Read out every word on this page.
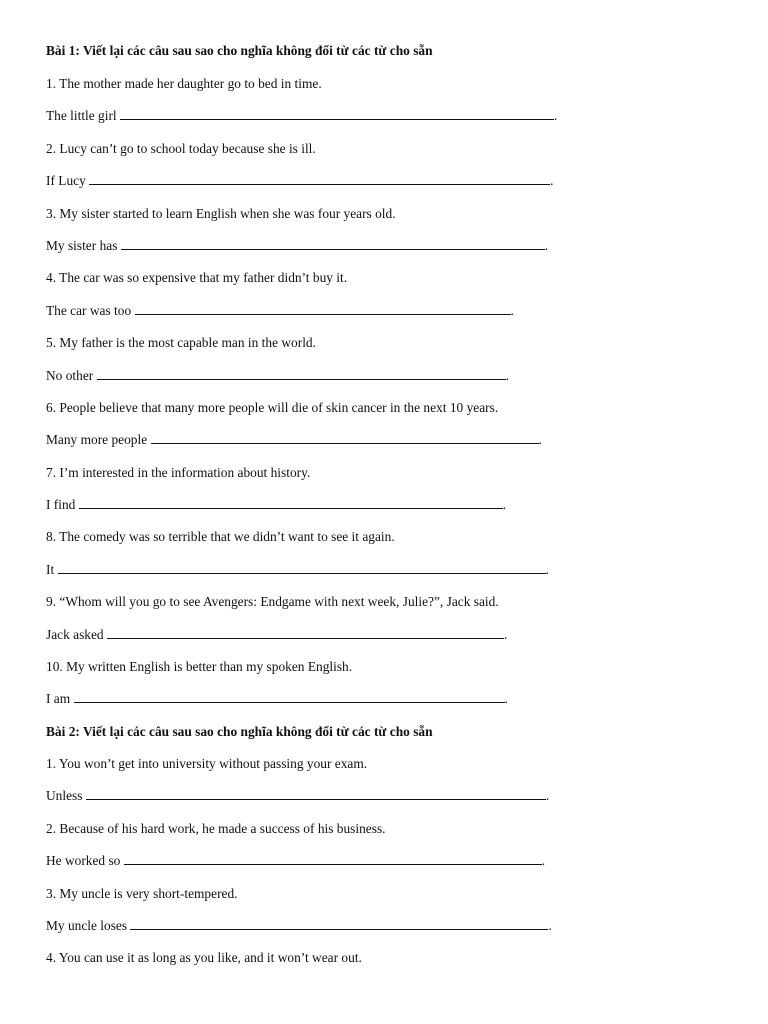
Bài 1: Viết lại các câu sau sao cho nghĩa không đổi từ các từ cho sẵn
1. The mother made her daughter go to bed in time.
The little girl	.
2. Lucy can’t go to school today because she is ill.
If Lucy	.
3. My sister started to learn English when she was four years old.
My sister has	.
4. The car was so expensive that my father didn’t buy it.
The car was too	.
5. My father is the most capable man in the world.
No other	.
6. People believe that many more people will die of skin cancer in the next 10 years.
Many more people	.
7. I’m interested in the information about history.
I find	.
8. The comedy was so terrible that we didn’t want to see it again.
It	.
9. “Whom will you go to see Avengers: Endgame with next week, Julie?”, Jack said.
Jack asked	.
10. My written English is better than my spoken English.
I am	.
Bài 2: Viết lại các câu sau sao cho nghĩa không đổi từ các từ cho sẵn
1. You won’t get into university without passing your exam.
Unless	.
2. Because of his hard work, he made a success of his business.
He worked so	.
3. My uncle is very short-tempered.
My uncle loses	.
4. You can use it as long as you like, and it won’t wear out.
